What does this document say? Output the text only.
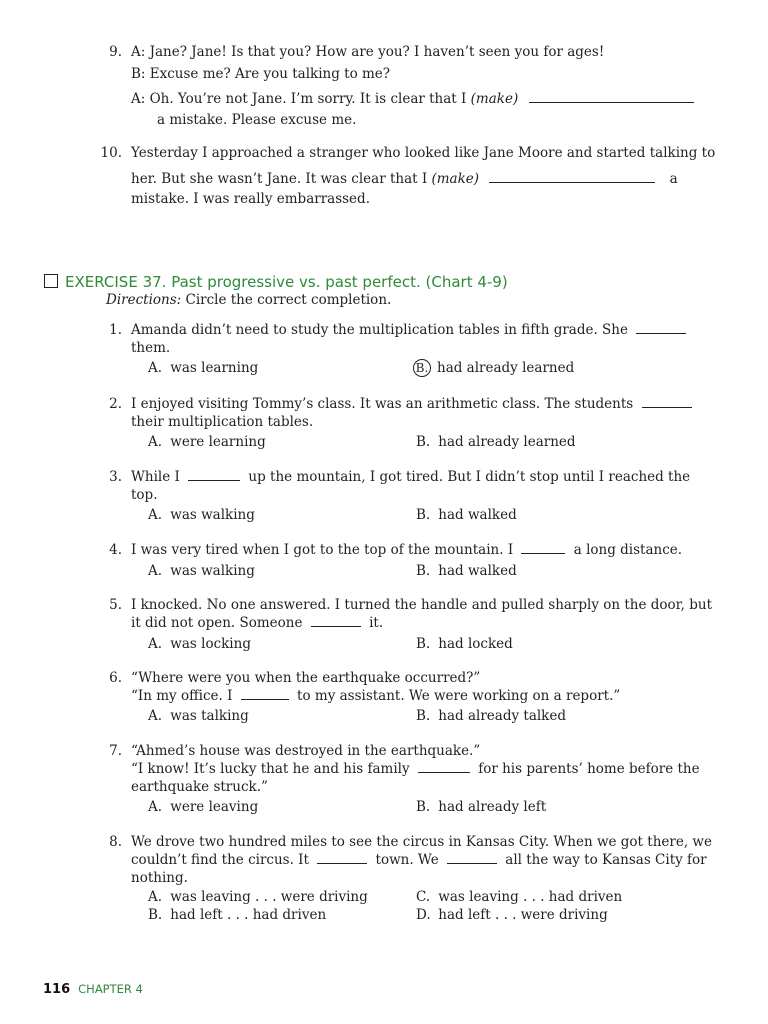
9. A: Jane? Jane! Is that you? How are you? I haven’t seen you for ages!
B: Excuse me? Are you talking to me?
A: Oh. You’re not Jane. I’m sorry. It is clear that I (make)
a mistake. Please excuse me.
10. Yesterday I approached a stranger who looked like Jane Moore and started talking to
her. But she wasn’t Jane. It was clear that I (make)	a
mistake. I was really embarrassed.
EXERCISE 37. Past progressive vs. past perfect. (Chart 4-9)
Directions: Circle the correct completion.
1. Amanda didn’t need to study the multiplication tables in fifth grade. She
them.
A. was learning	B. had already learned
2. I enjoyed visiting Tommy’s class. It was an arithmetic class. The students
their multiplication tables.
A. were learning	B. had already learned
3. While I	up the mountain, I got tired. But I didn’t stop until I reached the
top.
A. was walking	B. had walked
4. I was very tired when I got to the top of the mountain. I	a long distance.
A. was walking	B. had walked
5. I knocked. No one answered. I turned the handle and pulled sharply on the door, but
it did not open. Someone	it.
A. was locking	B. had locked
6. “Where were you when the earthquake occurred?”
“In my office. I	to my assistant. We were working on a report.”
A. was talking	B. had already talked
7. “Ahmed’s house was destroyed in the earthquake.”
“I know! It’s lucky that he and his family	for his parents’ home before the
earthquake struck.”
A. were leaving	B. had already left
8. We drove two hundred miles to see the circus in Kansas City. When we got there, we
couldn’t find the circus. It	town. We	all the way to Kansas City for
nothing.
A. was leaving . . . were driving	C. was leaving . . . had driven
B. had left . . . had driven	D. had left . . . were driving
116 CHAPTER 4
